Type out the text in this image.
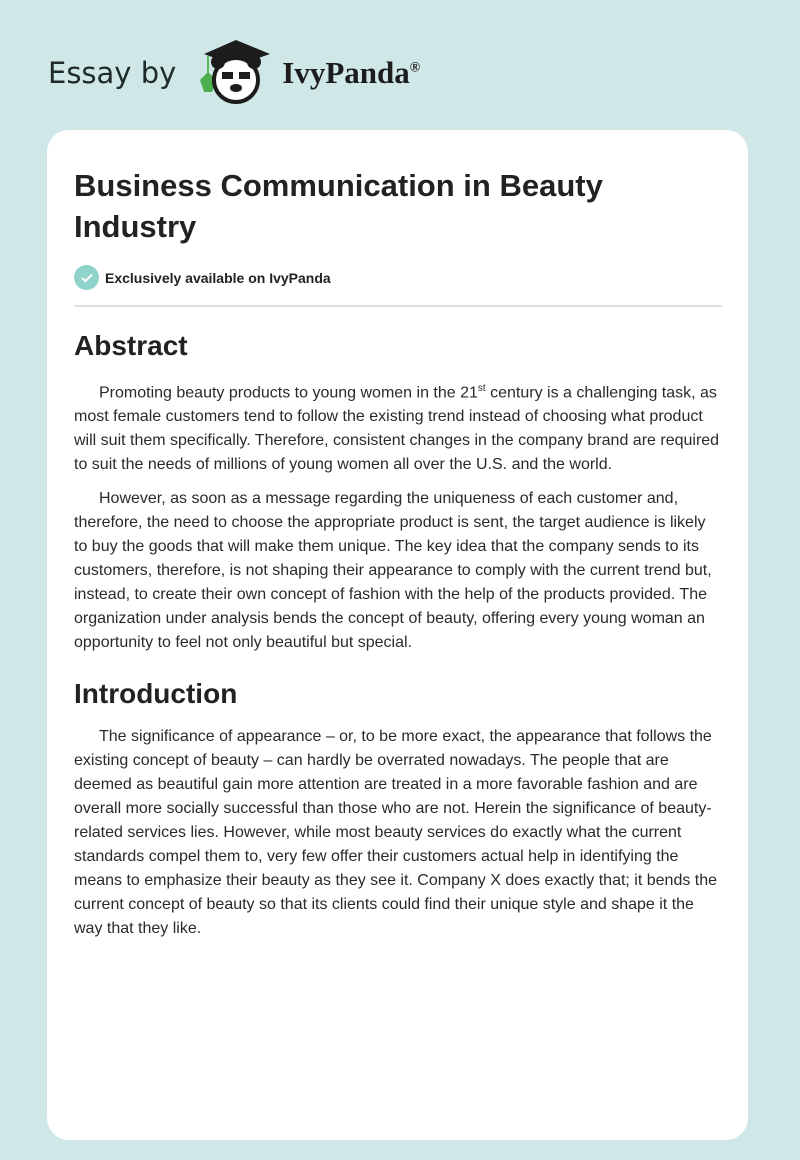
Essay by	IvyPanda®
Business Communication in Beauty Industry
Exclusively available on IvyPanda
Abstract

Promoting beauty products to young women in the 21st century is a challenging task, as most female customers tend to follow the existing trend instead of choosing what product will suit them specifically. Therefore, consistent changes in the company brand are required to suit the needs of millions of young women all over the U.S. and the world.

However, as soon as a message regarding the uniqueness of each customer and, therefore, the need to choose the appropriate product is sent, the target audience is likely to buy the goods that will make them unique. The key idea that the company sends to its customers, therefore, is not shaping their appearance to comply with the current trend but, instead, to create their own concept of fashion with the help of the products provided. The organization under analysis bends the concept of beauty, offering every young woman an opportunity to feel not only beautiful but special.

Introduction

The significance of appearance – or, to be more exact, the appearance that follows the existing concept of beauty – can hardly be overrated nowadays. The people that are deemed as beautiful gain more attention are treated in a more favorable fashion and are overall more socially successful than those who are not. Herein the significance of beauty-related services lies. However, while most beauty services do exactly what the current standards compel them to, very few offer their customers actual help in identifying the means to emphasize their beauty as they see it. Company X does exactly that; it bends the current concept of beauty so that its clients could find their unique style and shape it the way that they like.
